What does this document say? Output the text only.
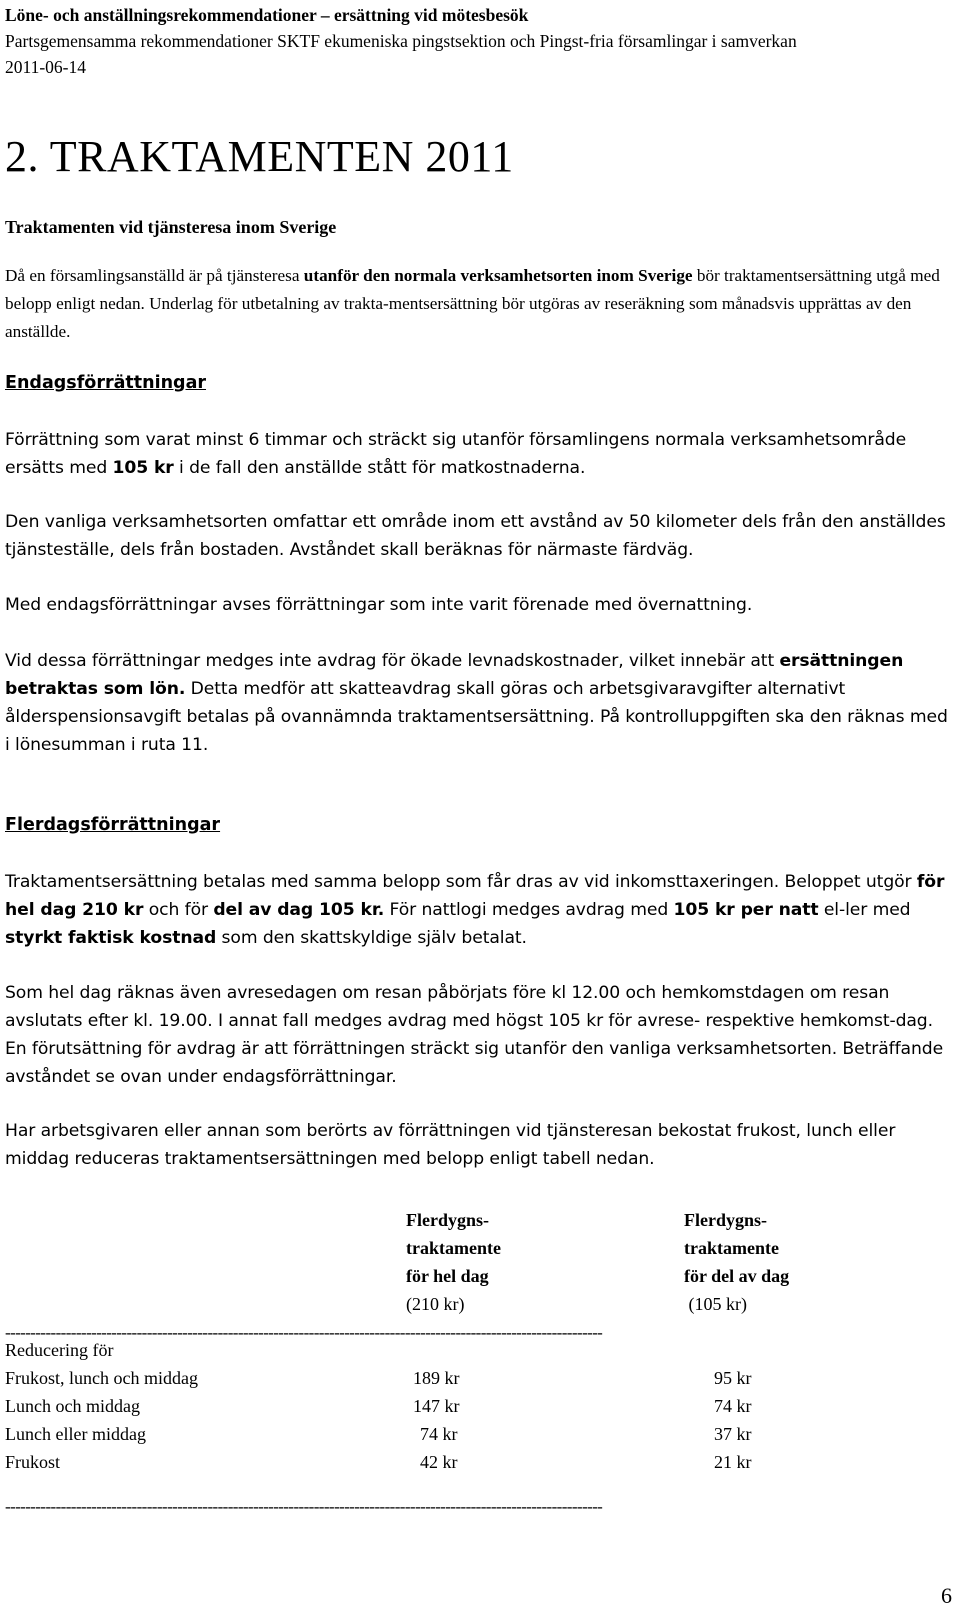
Löne- och anställningsrekommendationer – ersättning vid mötesbesök
Partsgemensamma rekommendationer SKTF ekumeniska pingstsektion och Pingst-fria församlingar i samverkan
2011-06-14
2. TRAKTAMENTEN 2011
Traktamenten vid tjänsteresa inom Sverige

Då en församlingsanställd är på tjänsteresa utanför den normala verksamhetsorten inom Sverige bör traktamentsersättning utgå med belopp enligt nedan. Underlag för utbetalning av trakta-mentsersättning bör utgöras av reseräkning som månadsvis upprättas av den anställde.

Endagsförrättningar

Förrättning som varat minst 6 timmar och sträckt sig utanför församlingens normala verksamhetsområde ersätts med 105 kr i de fall den anställde stått för matkostnaderna.

Den vanliga verksamhetsorten omfattar ett område inom ett avstånd av 50 kilometer dels från den anställdes tjänsteställe, dels från bostaden. Avståndet skall beräknas för närmaste färdväg.

Med endagsförrättningar avses förrättningar som inte varit förenade med övernattning.

Vid dessa förrättningar medges inte avdrag för ökade levnadskostnader, vilket innebär att ersättningen betraktas som lön. Detta medför att skatteavdrag skall göras och arbetsgivaravgifter alternativt ålderspensionsavgift betalas på ovannämnda traktamentsersättning. På kontrolluppgiften ska den räknas med i lönesumman i ruta 11.

Flerdagsförrättningar

Traktamentsersättning betalas med samma belopp som får dras av vid inkomsttaxeringen. Beloppet utgör för hel dag 210 kr och för del av dag 105 kr. För nattlogi medges avdrag med 105 kr per natt el-ler med styrkt faktisk kostnad som den skattskyldige själv betalat.

Som hel dag räknas även avresedagen om resan påbörjats före kl 12.00 och hemkomstdagen om resan avslutats efter kl. 19.00. I annat fall medges avdrag med högst 105 kr för avrese- respektive hemkomst-dag. En förutsättning för avdrag är att förrättningen sträckt sig utanför den vanliga verksamhetsorten. Beträffande avståndet se ovan under endagsförrättningar.

Har arbetsgivaren eller annan som berörts av förrättningen vid tjänsteresan bekostat frukost, lunch eller middag reduceras traktamentsersättningen med belopp enligt tabell nedan.

Flerdygns-
traktamente
för hel dag
(210 kr)
Flerdygns-
traktamente
för del av dag
(105 kr)
----------------------------------------------------------------------------------------------------------------------
Reducering för
Frukost, lunch och middag	189 kr	95 kr
Lunch och middag	147 kr	74 kr
Lunch eller middag	74 kr	37 kr
Frukost	42 kr	21 kr
----------------------------------------------------------------------------------------------------------------------
6
